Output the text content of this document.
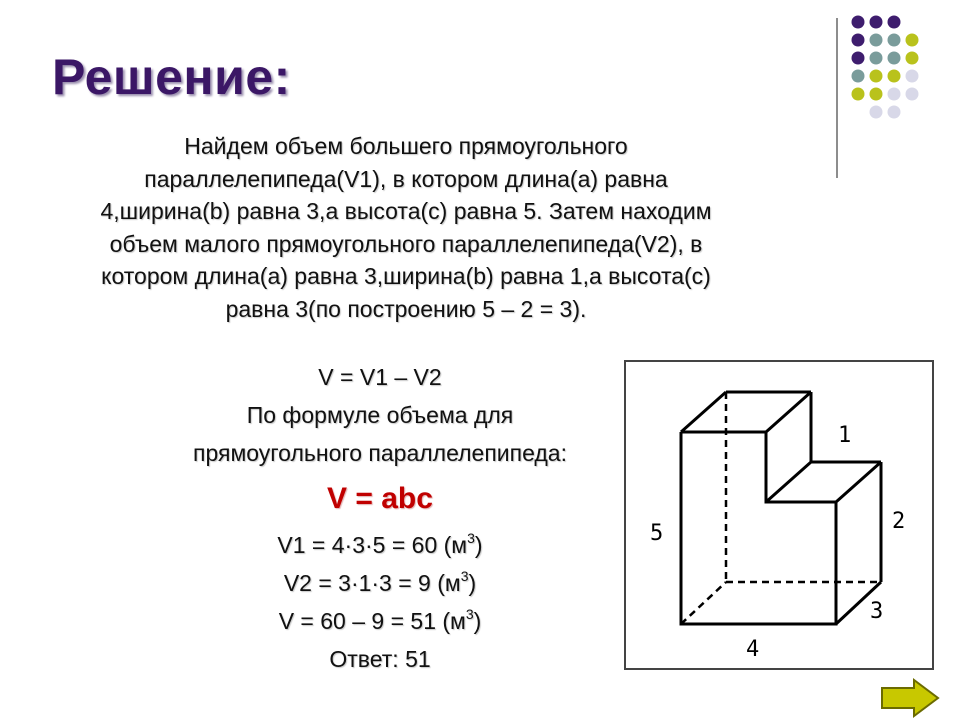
Решение:
Найдем объем большего прямоугольного параллелепипеда(V1), в котором длина(a) равна 4,ширина(b) равна 3,а высота(c) равна 5. Затем находим объем малого прямоугольного параллелепипеда(V2), в котором длина(a) равна 3,ширина(b) равна 1,а высота(c) равна 3(по построению 5 – 2 = 3).
V = V1 – V2
По формуле объема для
прямоугольного параллелепипеда:
V = abc
V1 = 4·3·5 = 60 $(м^3)$
V2 = 3·1·3 = 9 $(м^3)$
V = 60 – 9 = 51 $(м^3)$
Ответ: 51
1
2
3
4
5
